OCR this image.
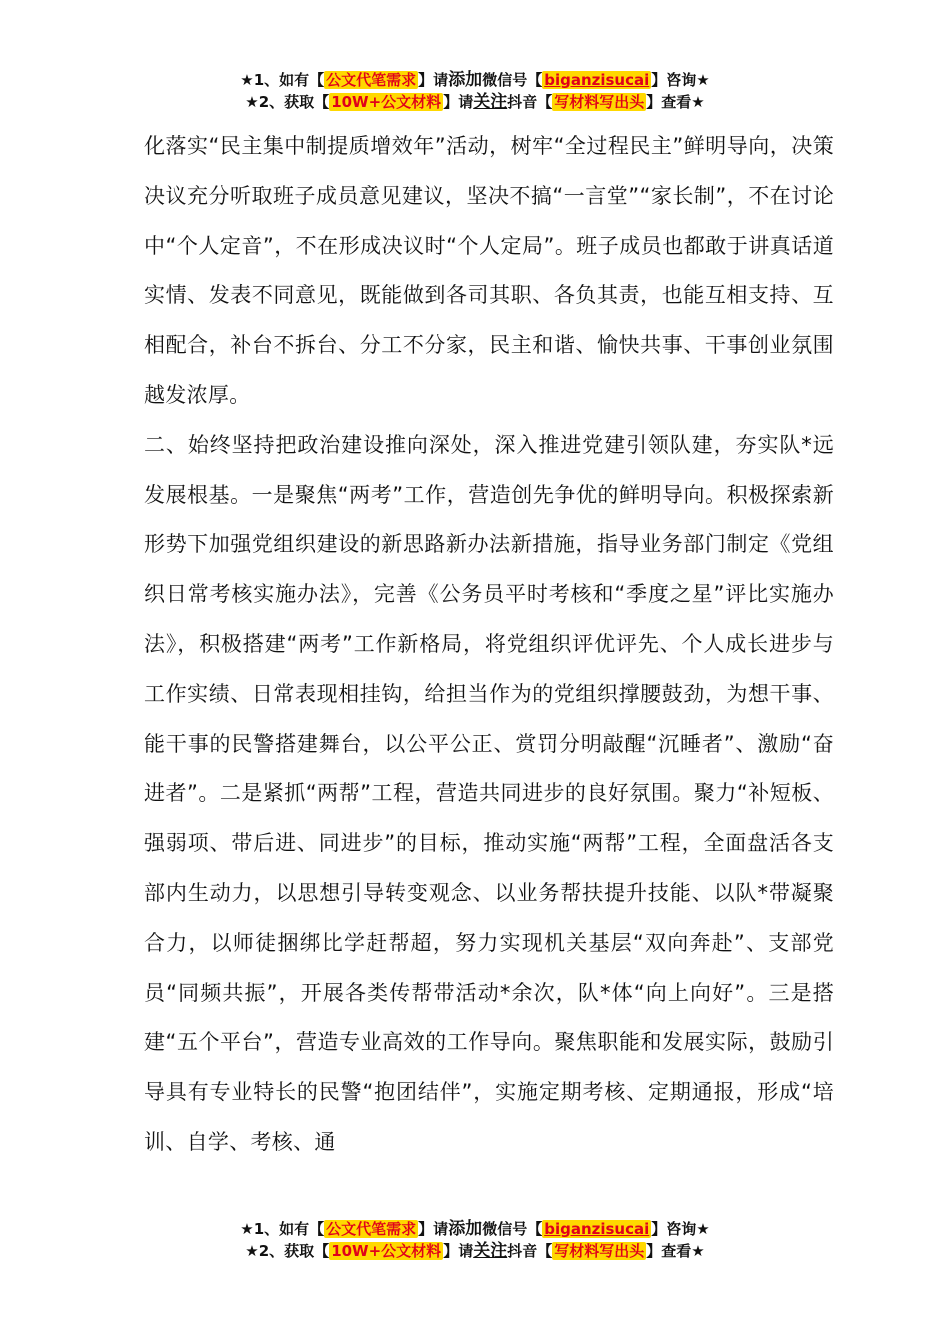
★1、如有【 公文代笔需求 】请添加微信号【 biganzisucai 】咨询★
★2、获取【 10W+公文材料 】请关注抖音【 写材料写出头 】查看★

化落实“民主集中制提质增效年”活动，树牢“全过程民主”鲜明导向，决策决议充分听取班子成员意见建议，坚决不搞“一言堂”“家长制”，不在讨论中“个人定音”，不在形成决议时“个人定局”。班子成员也都敢于讲真话道实情、发表不同意见，既能做到各司其职、各负其责，也能互相支持、互相配合，补台不拆台、分工不分家，民主和谐、愉快共事、干事创业氛围越发浓厚。

二、始终坚持把政治建设推向深处，深入推进党建引领队建，夯实队*远发展根基。一是聚焦“两考”工作，营造创先争优的鲜明导向。积极探索新形势下加强党组织建设的新思路新办法新措施，指导业务部门制定《党组织日常考核实施办法》，完善《公务员平时考核和“季度之星”评比实施办法》，积极搭建“两考”工作新格局，将党组织评优评先、个人成长进步与工作实绩、日常表现相挂钩，给担当作为的党组织撑腰鼓劲，为想干事、能干事的民警搭建舞台，以公平公正、赏罚分明敲醒“沉睡者”、激励“奋进者”。二是紧抓“两帮”工程，营造共同进步的良好氛围。聚力“补短板、强弱项、带后进、同进步”的目标，推动实施“两帮”工程，全面盘活各支部内生动力，以思想引导转变观念、以业务帮扶提升技能、以队*带凝聚合力，以师徒捆绑比学赶帮超，努力实现机关基层“双向奔赴”、支部党员“同频共振”，开展各类传帮带活动*余次，队*体“向上向好”。三是搭建“五个平台”，营造专业高效的工作导向。聚焦职能和发展实际，鼓励引导具有专业特长的民警“抱团结伴”，实施定期考核、定期通报，形成“培训、自学、考核、通

★1、如有【 公文代笔需求 】请添加微信号【 biganzisucai 】咨询★
★2、获取【 10W+公文材料 】请关注抖音【 写材料写出头 】查看★
